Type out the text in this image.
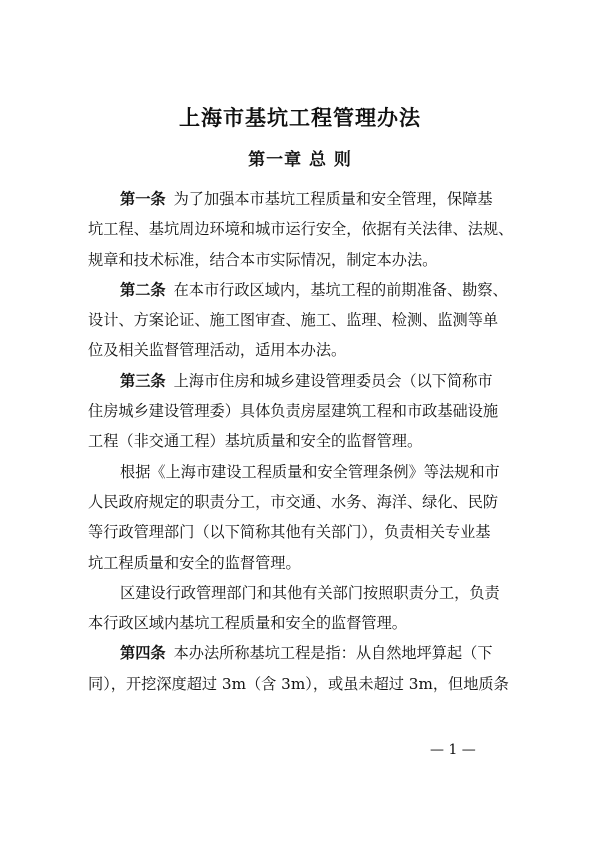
上海市基坑工程管理办法
第一章 总 则
第一条 为了加强本市基坑工程质量和安全管理，保障基
坑工程、基坑周边环境和城市运行安全，依据有关法律、法规、
规章和技术标准，结合本市实际情况，制定本办法。
第二条 在本市行政区域内，基坑工程的前期准备、勘察、
设计、方案论证、施工图审查、施工、监理、检测、监测等单
位及相关监督管理活动，适用本办法。
第三条 上海市住房和城乡建设管理委员会（以下简称市
住房城乡建设管理委）具体负责房屋建筑工程和市政基础设施
工程（非交通工程）基坑质量和安全的监督管理。
根据《上海市建设工程质量和安全管理条例》等法规和市
人民政府规定的职责分工，市交通、水务、海洋、绿化、民防
等行政管理部门（以下简称其他有关部门），负责相关专业基
坑工程质量和安全的监督管理。
区建设行政管理部门和其他有关部门按照职责分工，负责
本行政区域内基坑工程质量和安全的监督管理。
第四条 本办法所称基坑工程是指：从自然地坪算起（下
同），开挖深度超过 3m（含 3m），或虽未超过 3m，但地质条
— 1 —
